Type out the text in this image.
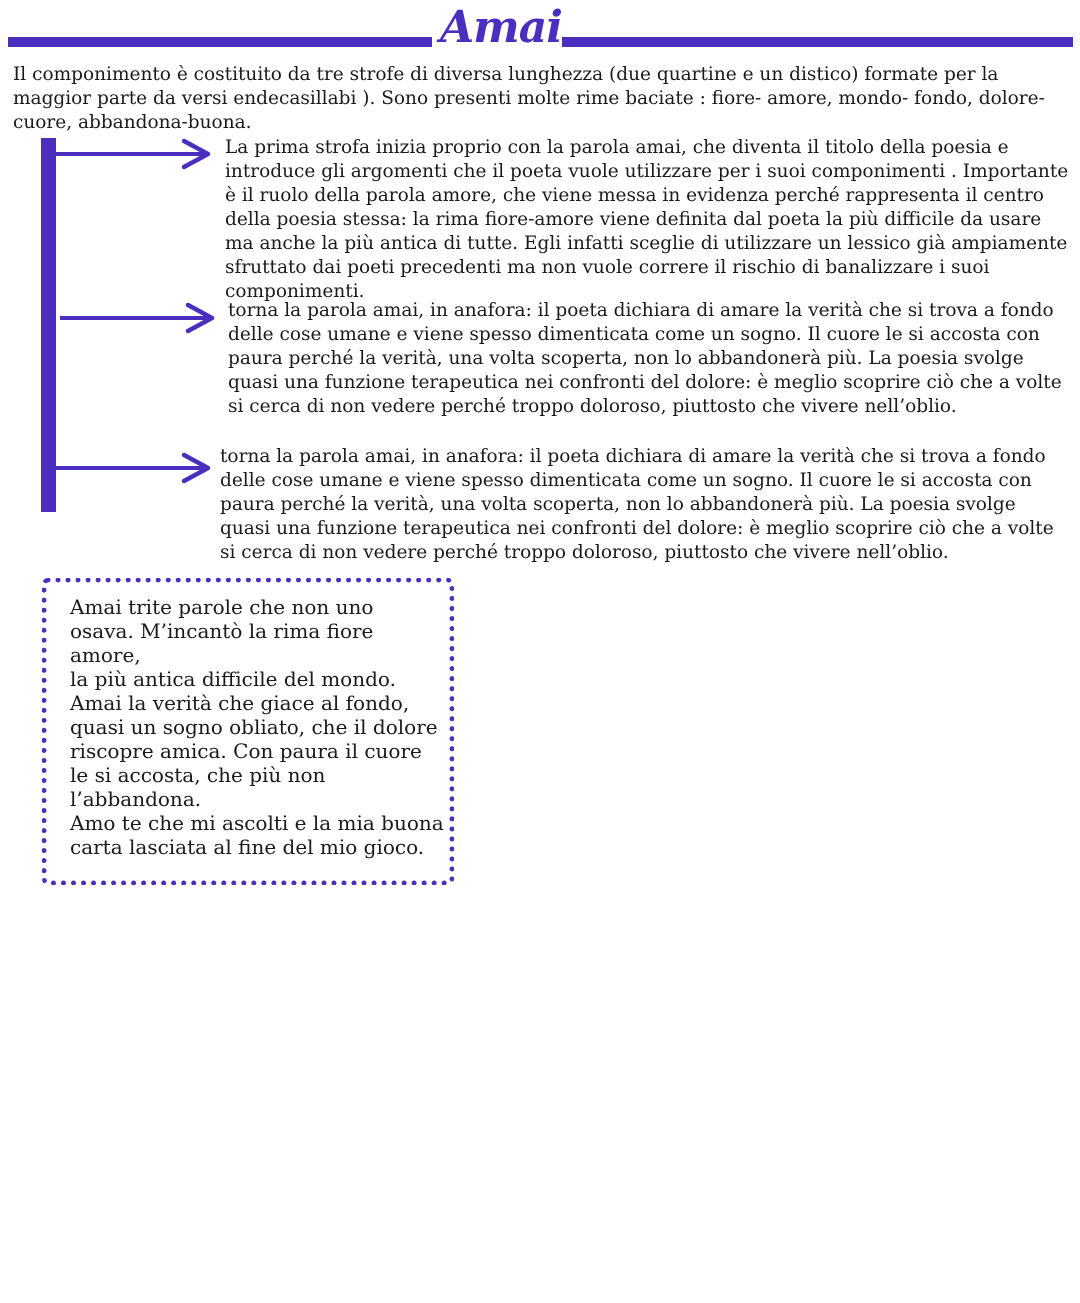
Amai

Il componimento è costituito da tre strofe di diversa lunghezza (due quartine e un distico) formate per la maggior parte da versi endecasillabi ). Sono presenti molte rime baciate : fiore- amore, mondo- fondo, dolore-cuore, abbandona-buona.

La prima strofa inizia proprio con la parola amai, che diventa il titolo della poesia e introduce gli argomenti che il poeta vuole utilizzare per i suoi componimenti . Importante è il ruolo della parola amore, che viene messa in evidenza perché rappresenta il centro della poesia stessa: la rima fiore-amore viene definita dal poeta la più difficile da usare ma anche la più antica di tutte. Egli infatti sceglie di utilizzare un lessico già ampiamente sfruttato dai poeti precedenti ma non vuole correre il rischio di banalizzare i suoi componimenti.

torna la parola amai, in anafora: il poeta dichiara di amare la verità che si trova a fondo delle cose umane e viene spesso dimenticata come un sogno. Il cuore le si accosta con paura perché la verità, una volta scoperta, non lo abbandonerà più. La poesia svolge quasi una funzione terapeutica nei confronti del dolore: è meglio scoprire ciò che a volte si cerca di non vedere perché troppo doloroso, piuttosto che vivere nell’oblio.

torna la parola amai, in anafora: il poeta dichiara di amare la verità che si trova a fondo delle cose umane e viene spesso dimenticata come un sogno. Il cuore le si accosta con paura perché la verità, una volta scoperta, non lo abbandonerà più. La poesia svolge quasi una funzione terapeutica nei confronti del dolore: è meglio scoprire ciò che a volte si cerca di non vedere perché troppo doloroso, piuttosto che vivere nell’oblio.

Amai trite parole che non uno
osava. M’incantò la rima fiore
amore,
la più antica difficile del mondo.
Amai la verità che giace al fondo,
quasi un sogno obliato, che il dolore
riscopre amica. Con paura il cuore
le si accosta, che più non
l’abbandona.
Amo te che mi ascolti e la mia buona
carta lasciata al fine del mio gioco.
